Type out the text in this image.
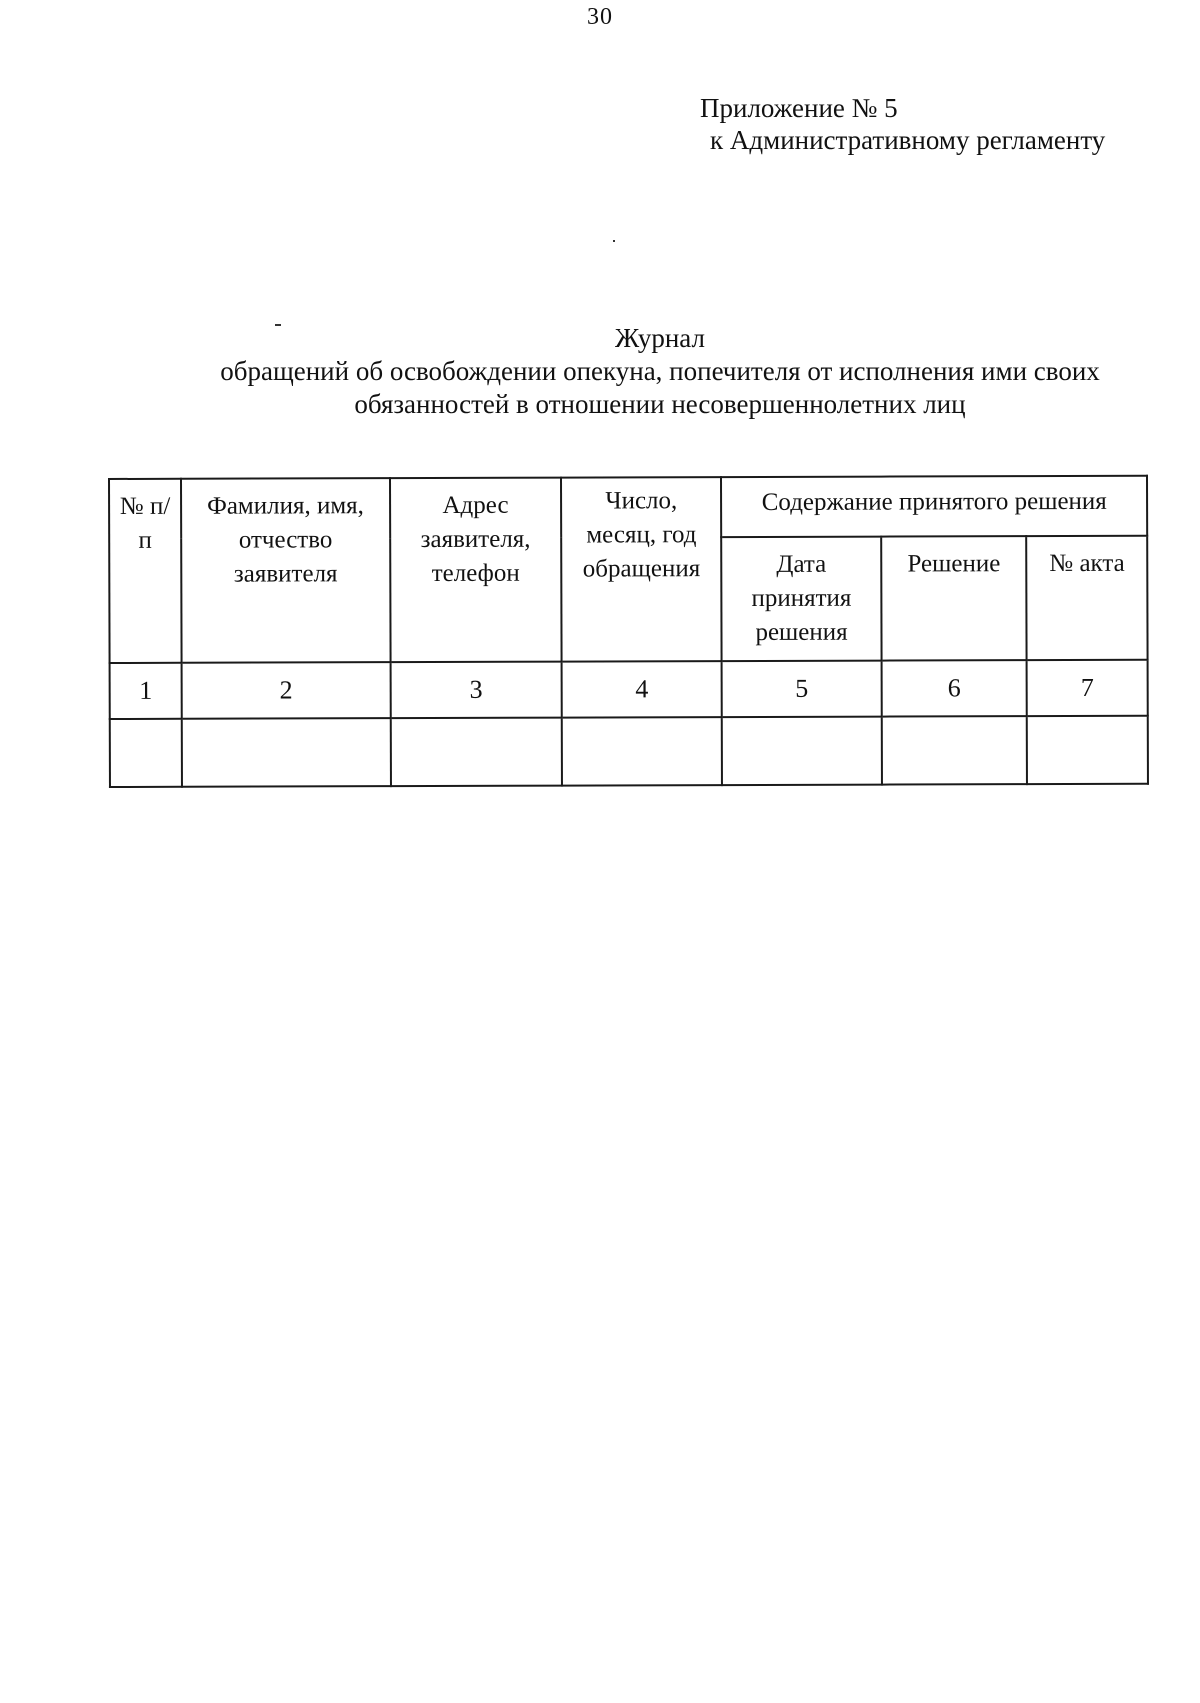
30
Приложение № 5
к Административному регламенту
Журнал
обращений об освобождении опекуна, попечителя от исполнения ими своих
обязанностей в отношении несовершеннолетних лиц
№ п/п	Фамилия, имя, отчество заявителя	Адрес заявителя, телефон	Число, месяц, год обращения	Содержание принятого решения		
				Дата принятия решения	Решение	№ акта
1	2	3	4	5	6	7
